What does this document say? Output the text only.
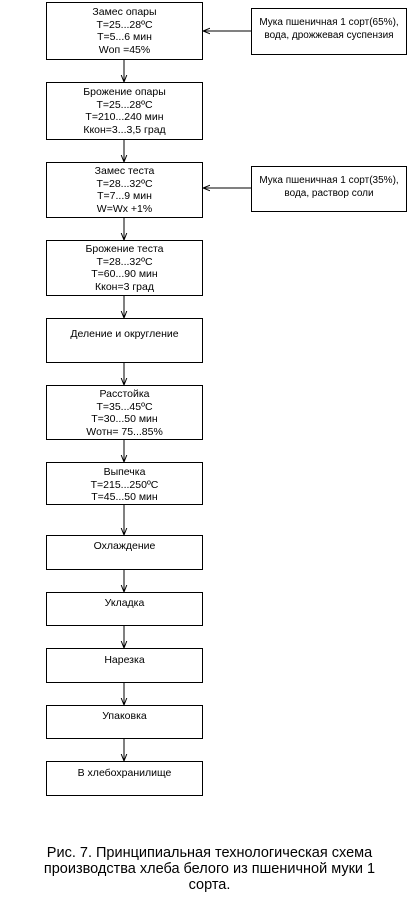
Замес опары
T=25...28ºC
T=5...6 мин
Wоп =45%
Брожение опары
T=25...28ºC
T=210...240 мин
Ккон=3...3,5 град
Замес теста
T=28...32ºC
T=7...9 мин
W=Wx +1%
Брожение теста
T=28...32ºC
T=60...90 мин
Ккон=3 град
Деление и округление
Расстойка
T=35...45ºC
T=30...50 мин
Wотн= 75...85%
Выпечка
T=215...250ºC
T=45...50 мин
Охлаждение
Укладка
Нарезка
Упаковка
В хлебохранилище
Мука пшеничная 1 сорт(65%),
вода, дрожжевая суспензия
Мука пшеничная 1 сорт(35%),
вода, раствор соли
Рис. 7. Принципиальная технологическая схема
производства хлеба белого из пшеничной муки 1
сорта.
